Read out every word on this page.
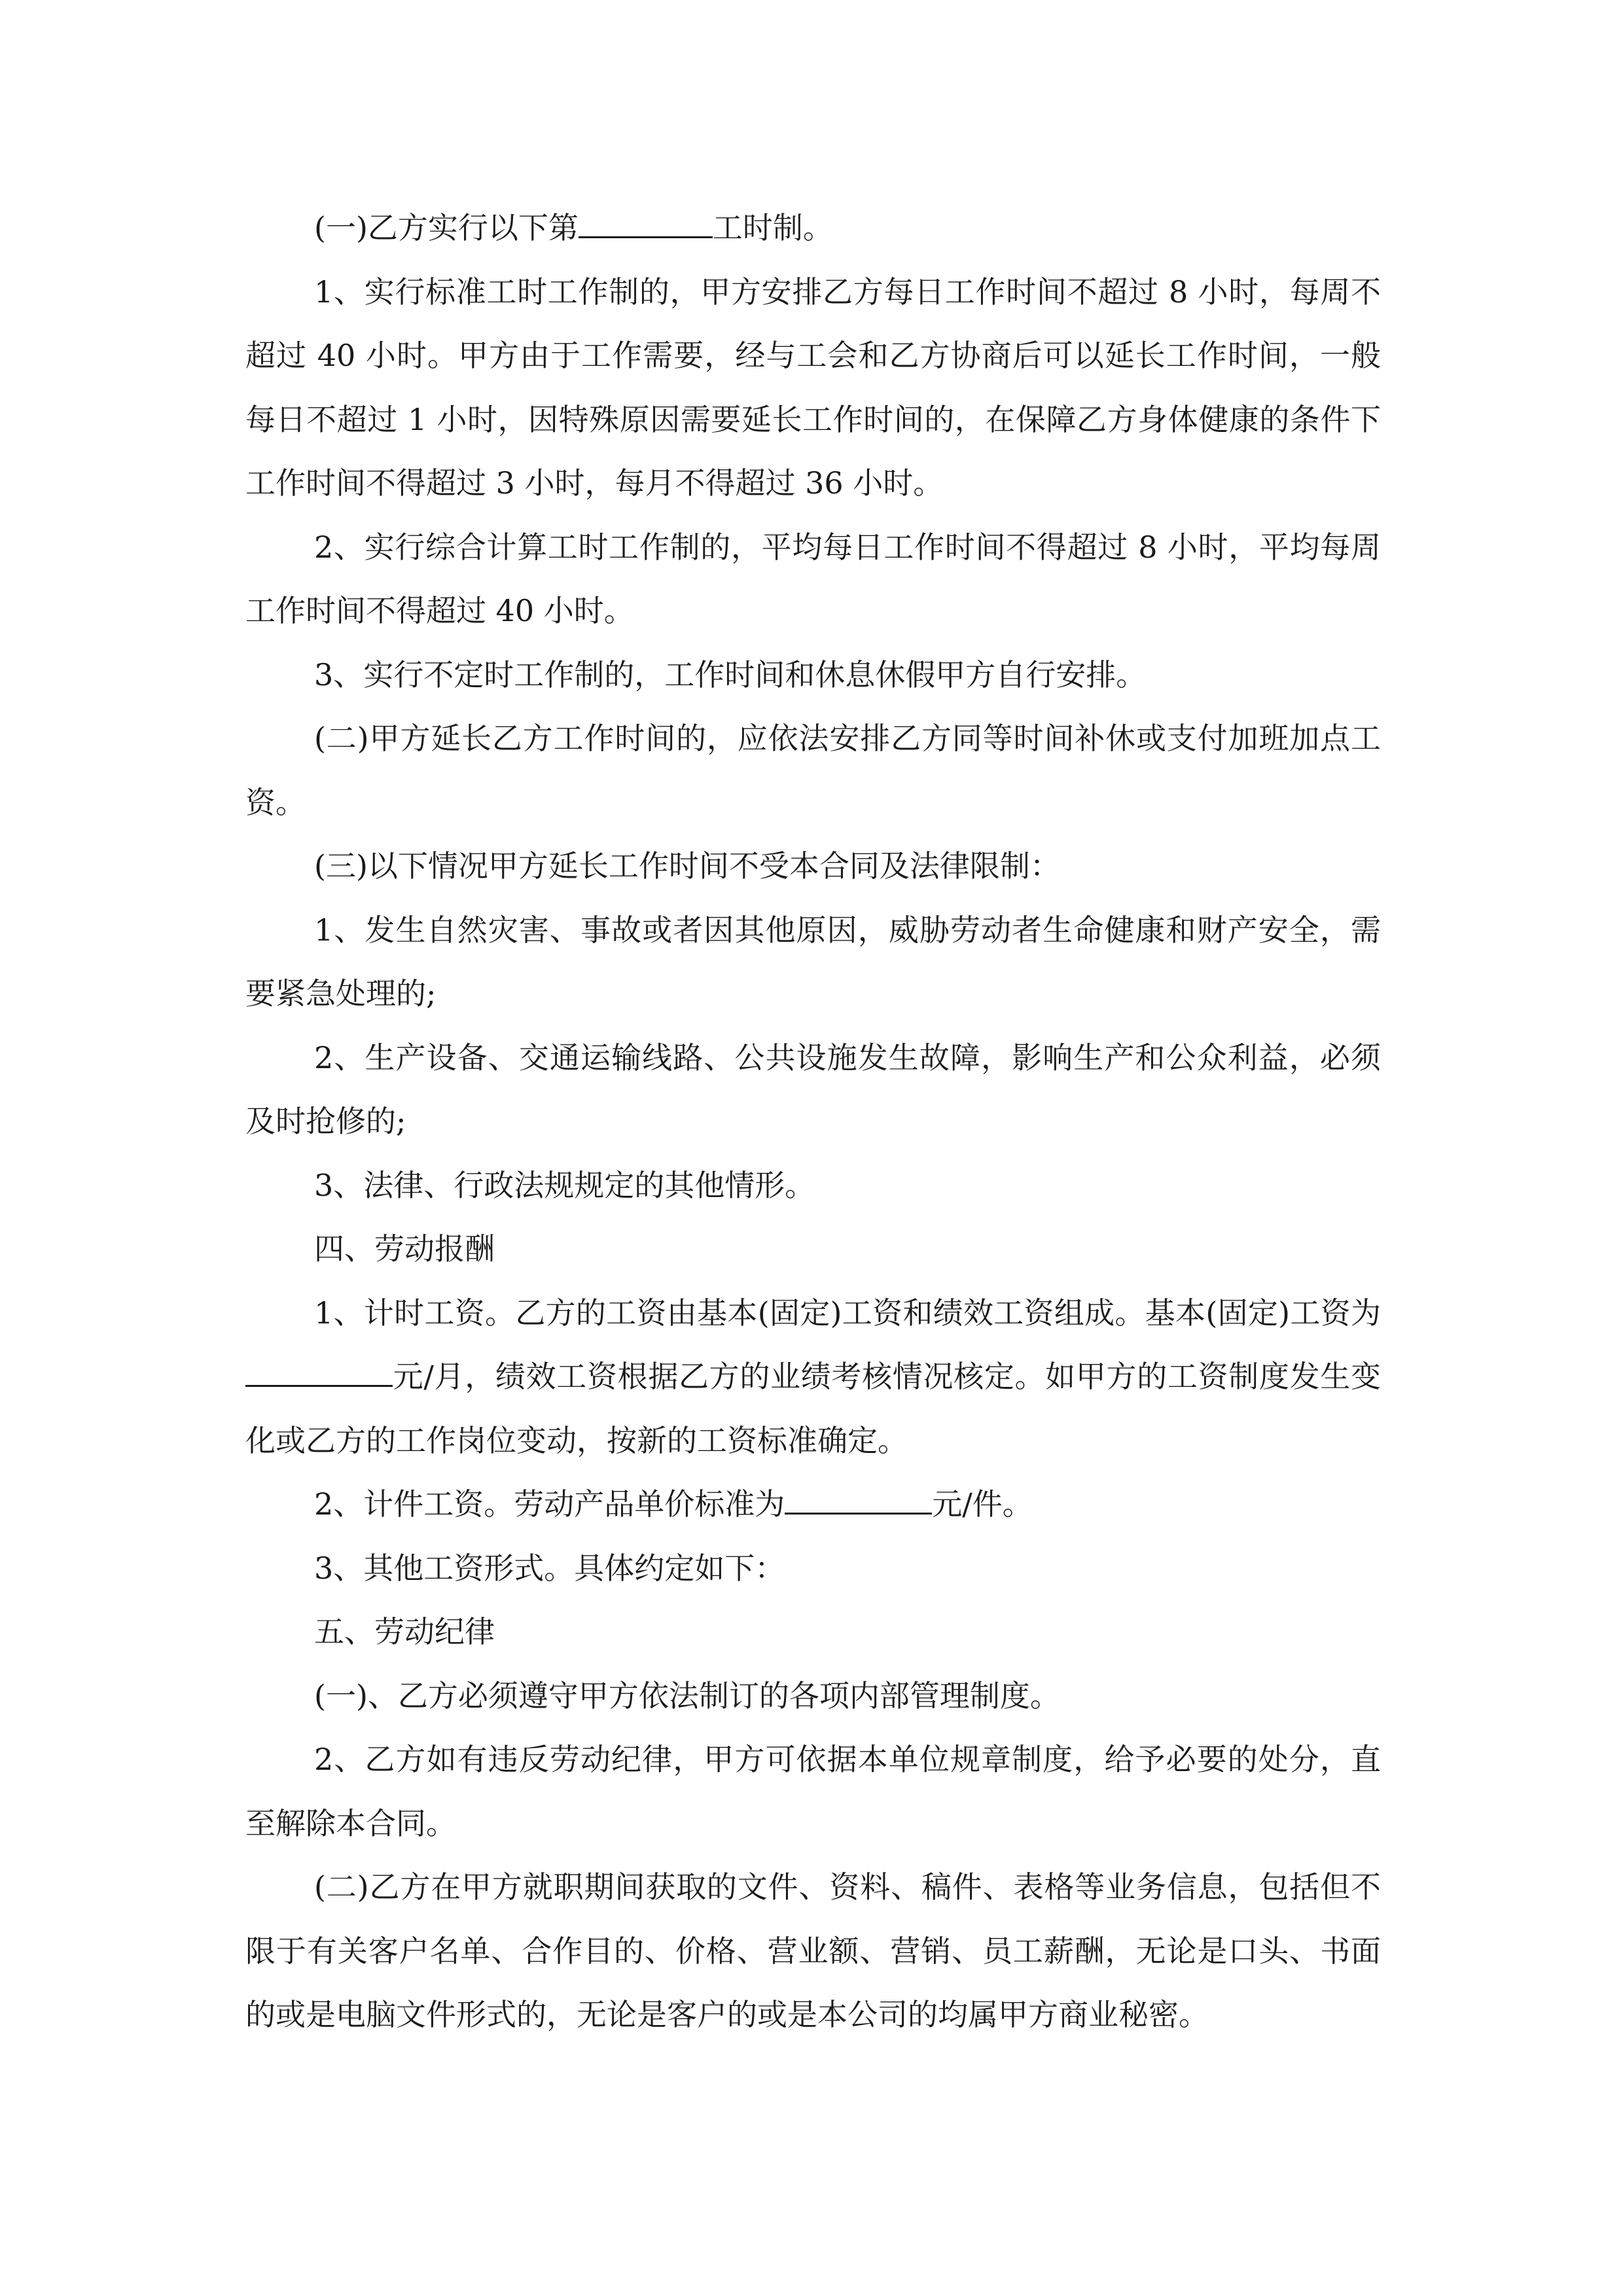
(一)乙方实行以下第	工时制。

1、实行标准工时工作制的，甲方安排乙方每日工作时间不超过 8 小时，每周不超过 40 小时。甲方由于工作需要，经与工会和乙方协商后可以延长工作时间，一般每日不超过 1 小时，因特殊原因需要延长工作时间的，在保障乙方身体健康的条件下工作时间不得超过 3 小时，每月不得超过 36 小时。

2、实行综合计算工时工作制的，平均每日工作时间不得超过 8 小时，平均每周工作时间不得超过 40 小时。

3、实行不定时工作制的，工作时间和休息休假甲方自行安排。

(二)甲方延长乙方工作时间的，应依法安排乙方同等时间补休或支付加班加点工资。

(三)以下情况甲方延长工作时间不受本合同及法律限制：

1、发生自然灾害、事故或者因其他原因，威胁劳动者生命健康和财产安全，需要紧急处理的;

2、生产设备、交通运输线路、公共设施发生故障，影响生产和公众利益，必须及时抢修的;

3、法律、行政法规规定的其他情形。

四、劳动报酬

1、计时工资。乙方的工资由基本(固定)工资和绩效工资组成。基本(固定)工资为元/月，绩效工资根据乙方的业绩考核情况核定。如甲方的工资制度发生变化或乙方的工作岗位变动，按新的工资标准确定。

2、计件工资。劳动产品单价标准为	元/件。

3、其他工资形式。具体约定如下：

五、劳动纪律

(一)、乙方必须遵守甲方依法制订的各项内部管理制度。

2、乙方如有违反劳动纪律，甲方可依据本单位规章制度，给予必要的处分，直至解除本合同。

(二)乙方在甲方就职期间获取的文件、资料、稿件、表格等业务信息，包括但不限于有关客户名单、合作目的、价格、营业额、营销、员工薪酬，无论是口头、书面的或是电脑文件形式的，无论是客户的或是本公司的均属甲方商业秘密。
